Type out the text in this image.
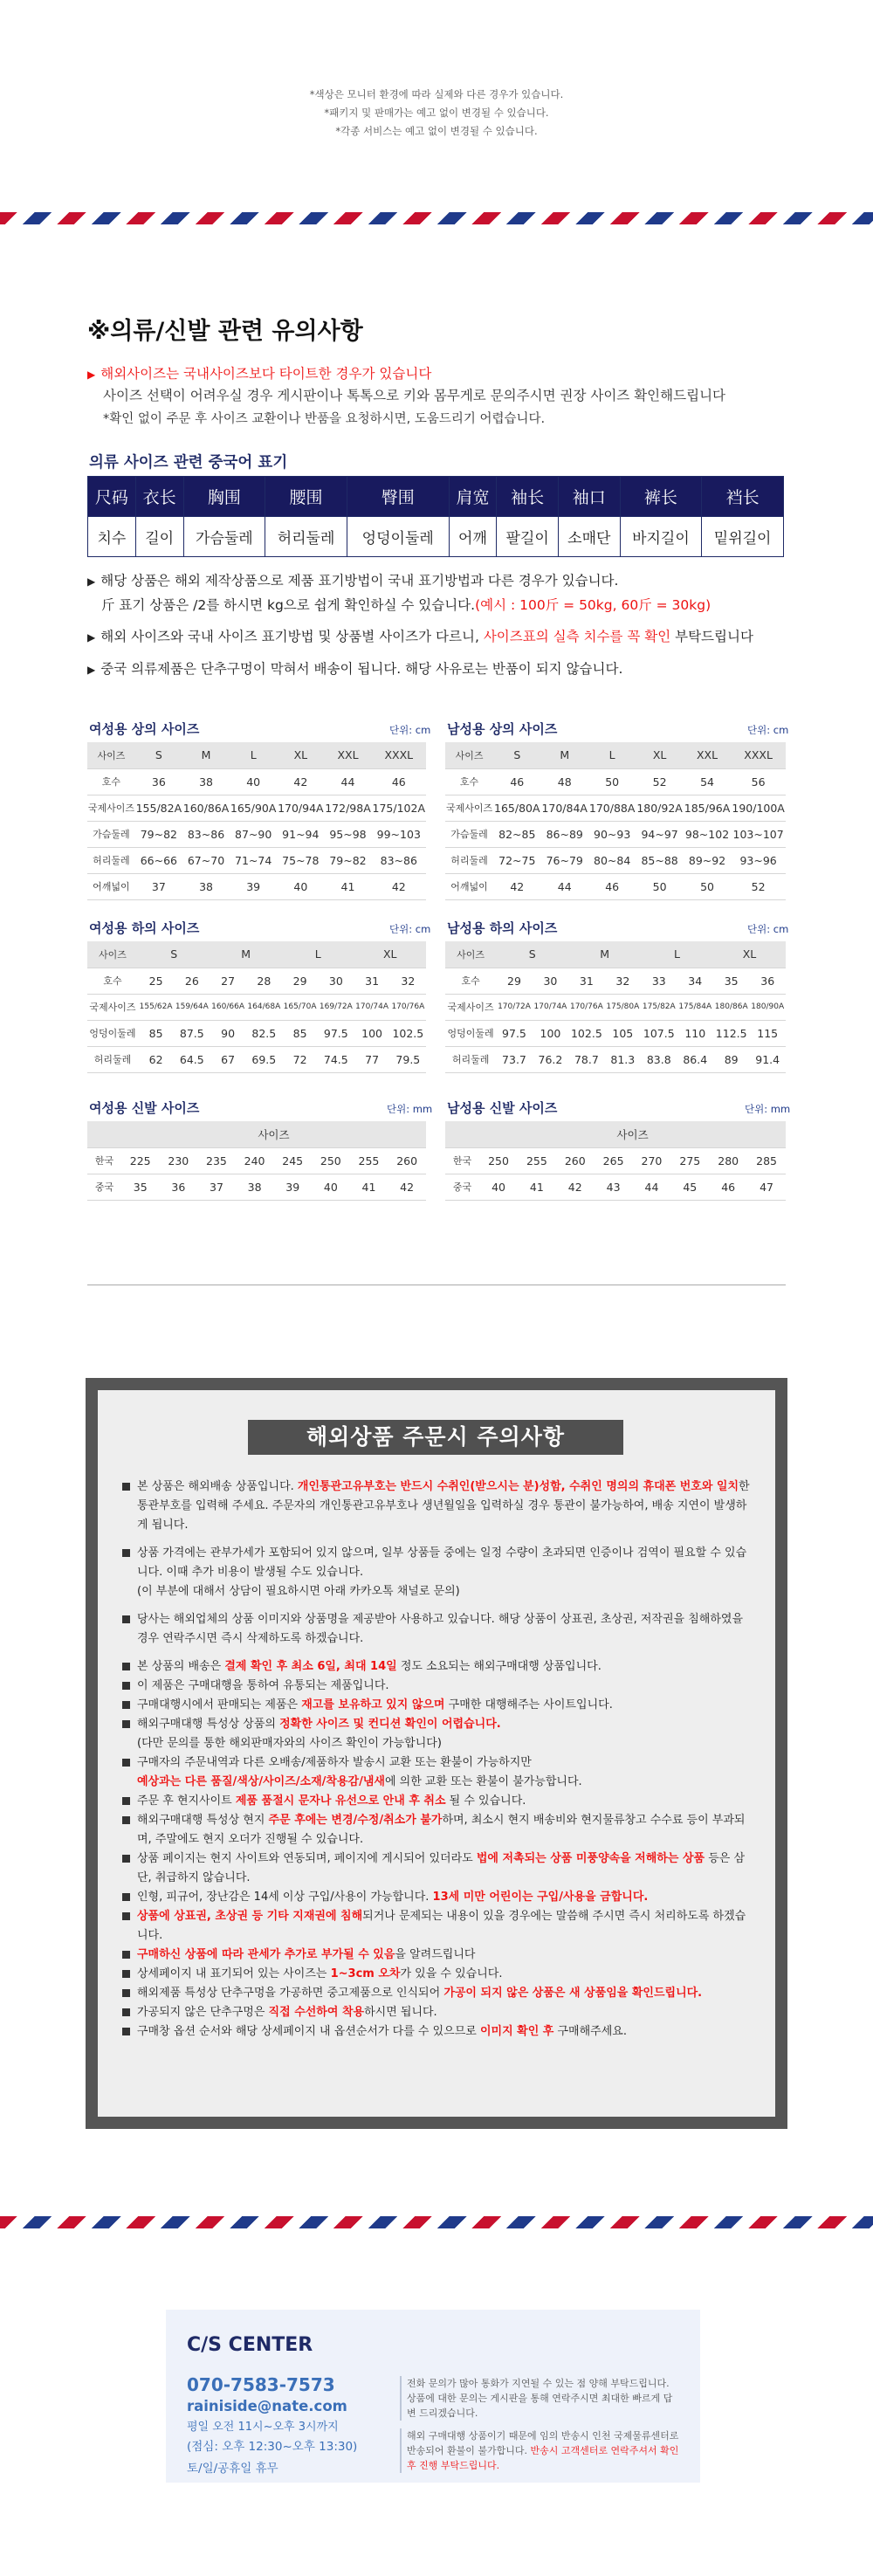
*색상은 모니터 환경에 따라 실제와 다른 경우가 있습니다.
*패키지 및 판매가는 예고 없이 변경될 수 있습니다.
*각종 서비스는 예고 없이 변경될 수 있습니다.
※의류/신발 관련 유의사항
▶ 해외사이즈는 국내사이즈보다 타이트한 경우가 있습니다
사이즈 선택이 어려우실 경우 게시판이나 톡톡으로 키와 몸무게로 문의주시면 권장 사이즈 확인해드립니다
*확인 없이 주문 후 사이즈 교환이나 반품을 요청하시면, 도움드리기 어렵습니다.
의류 사이즈 관련 중국어 표기
尺码	衣长	胸围	腰围	臀围	肩宽	袖长	袖口	裤长	裆长
치수	길이	가슴둘레	허리둘레	엉덩이둘레	어깨	팔길이	소매단	바지길이	밑위길이
▶ 해당 상품은 해외 제작상품으로 제품 표기방법이 국내 표기방법과 다른 경우가 있습니다.
斤 표기 상품은 /2를 하시면 kg으로 쉽게 확인하실 수 있습니다.(예시 : 100斤 = 50kg, 60斤 = 30kg)
▶ 해외 사이즈와 국내 사이즈 표기방법 및 상품별 사이즈가 다르니, 사이즈표의 실측 치수를 꼭 확인 부탁드립니다
▶ 중국 의류제품은 단추구멍이 막혀서 배송이 됩니다. 해당 사유로는 반품이 되지 않습니다.
여성용 상의 사이즈	단위: cm
사이즈	S	M	L	XL	XXL	XXXL
호수	36	38	40	42	44	46
국제사이즈	155/82A	160/86A	165/90A	170/94A	172/98A	175/102A
가슴둘레	79~82	83~86	87~90	91~94	95~98	99~103
허리둘레	66~66	67~70	71~74	75~78	79~82	83~86
어깨넓이	37	38	39	40	41	42
남성용 상의 사이즈	단위: cm
사이즈	S	M	L	XL	XXL	XXXL
호수	46	48	50	52	54	56
국제사이즈	165/80A	170/84A	170/88A	180/92A	185/96A	190/100A
가슴둘레	82~85	86~89	90~93	94~97	98~102	103~107
허리둘레	72~75	76~79	80~84	85~88	89~92	93~96
어깨넓이	42	44	46	50	50	52
여성용 하의 사이즈	단위: cm
사이즈	S		M		L		XL	
호수	25	26	27	28	29	30	31	32
국제사이즈	155/62A	159/64A	160/66A	164/68A	165/70A	169/72A	170/74A	170/76A
엉덩이둘레	85	87.5	90	82.5	85	97.5	100	102.5
허리둘레	62	64.5	67	69.5	72	74.5	77	79.5
남성용 하의 사이즈	단위: cm
사이즈	S		M		L		XL	
호수	29	30	31	32	33	34	35	36
국제사이즈	170/72A	170/74A	170/76A	175/80A	175/82A	175/84A	180/86A	180/90A
엉덩이둘레	97.5	100	102.5	105	107.5	110	112.5	115
허리둘레	73.7	76.2	78.7	81.3	83.8	86.4	89	91.4
여성용 신발 사이즈	단위: mm
	사이즈							
한국	225	230	235	240	245	250	255	260
중국	35	36	37	38	39	40	41	42
남성용 신발 사이즈	단위: mm
	사이즈							
한국	250	255	260	265	270	275	280	285
중국	40	41	42	43	44	45	46	47
해외상품 주문시 주의사항

본 상품은 해외배송 상품입니다. 개인통관고유부호는 반드시 수취인(받으시는 분)성함, 수취인 명의의 휴대폰 번호와 일치한 통관부호를 입력해 주세요. 주문자의 개인통관고유부호나 생년월일을 입력하실 경우 통관이 불가능하여, 배송 지연이 발생하게 됩니다.

상품 가격에는 관부가세가 포함되어 있지 않으며, 일부 상품들 중에는 일정 수량이 초과되면 인증이나 검역이 필요할 수 있습니다. 이때 추가 비용이 발생될 수도 있습니다.
(이 부분에 대해서 상담이 필요하시면 아래 카카오톡 채널로 문의)

당사는 해외업체의 상품 이미지와 상품명을 제공받아 사용하고 있습니다. 해당 상품이 상표권, 초상권, 저작권을 침해하였을 경우 연락주시면 즉시 삭제하도록 하겠습니다.

본 상품의 배송은 결제 확인 후 최소 6일, 최대 14일 정도 소요되는 해외구매대행 상품입니다.

이 제품은 구매대행을 통하여 유통되는 제품입니다.

구매대행시에서 판매되는 제품은 재고를 보유하고 있지 않으며 구매한 대행해주는 사이트입니다.

해외구매대행 특성상 상품의 정확한 사이즈 및 컨디션 확인이 어렵습니다.
(다만 문의를 통한 해외판매자와의 사이즈 확인이 가능합니다)

구매자의 주문내역과 다른 오배송/제품하자 발송시 교환 또는 환불이 가능하지만
예상과는 다른 품질/색상/사이즈/소재/착용감/냄새에 의한 교환 또는 환불이 불가능합니다.

주문 후 현지사이트 제품 품절시 문자나 유선으로 안내 후 취소 될 수 있습니다.

해외구매대행 특성상 현지 주문 후에는 변경/수정/취소가 불가하며, 최소시 현지 배송비와 현지물류창고 수수료 등이 부과되며, 주말에도 현지 오더가 진행될 수 있습니다.

상품 페이지는 현지 사이트와 연동되며, 페이지에 게시되어 있더라도 법에 저촉되는 상품 미풍양속을 저해하는 상품 등은 삼단, 취급하지 않습니다.

인형, 피규어, 장난감은 14세 이상 구입/사용이 가능합니다. 13세 미만 어린이는 구입/사용을 금합니다.

상품에 상표권, 초상권 등 기타 지재권에 침해되거나 문제되는 내용이 있을 경우에는 말씀해 주시면 즉시 처리하도록 하겠습니다.

구매하신 상품에 따라 관세가 추가로 부가될 수 있음을 알려드립니다

상세페이지 내 표기되어 있는 사이즈는 1~3cm 오차가 있을 수 있습니다.

해외제품 특성상 단추구멍을 가공하면 중고제품으로 인식되어 가공이 되지 않은 상품은 새 상품임을 확인드립니다.

가공되지 않은 단추구멍은 직접 수선하여 착용하시면 됩니다.

구매창 옵션 순서와 해당 상세페이지 내 옵션순서가 다를 수 있으므로 이미지 확인 후 구매해주세요.

C/S CENTER
070-7583-7573
rainiside@nate.com
평일 오전 11시~오후 3시까지
(점심: 오후 12:30~오후 13:30)
토/일/공휴일 휴무
전화 문의가 많아 통화가 지연될 수 있는 점 양해 부탁드립니다. 상품에 대한 문의는 게시판을 통해 연락주시면 최대한 빠르게 답변 드리겠습니다.
해외 구매대행 상품이기 때문에 임의 반송시 인천 국제물류센터로 반송되어 환불이 불가합니다. 반송시 고객센터로 연락주셔서 확인 후 진행 부탁드립니다.
